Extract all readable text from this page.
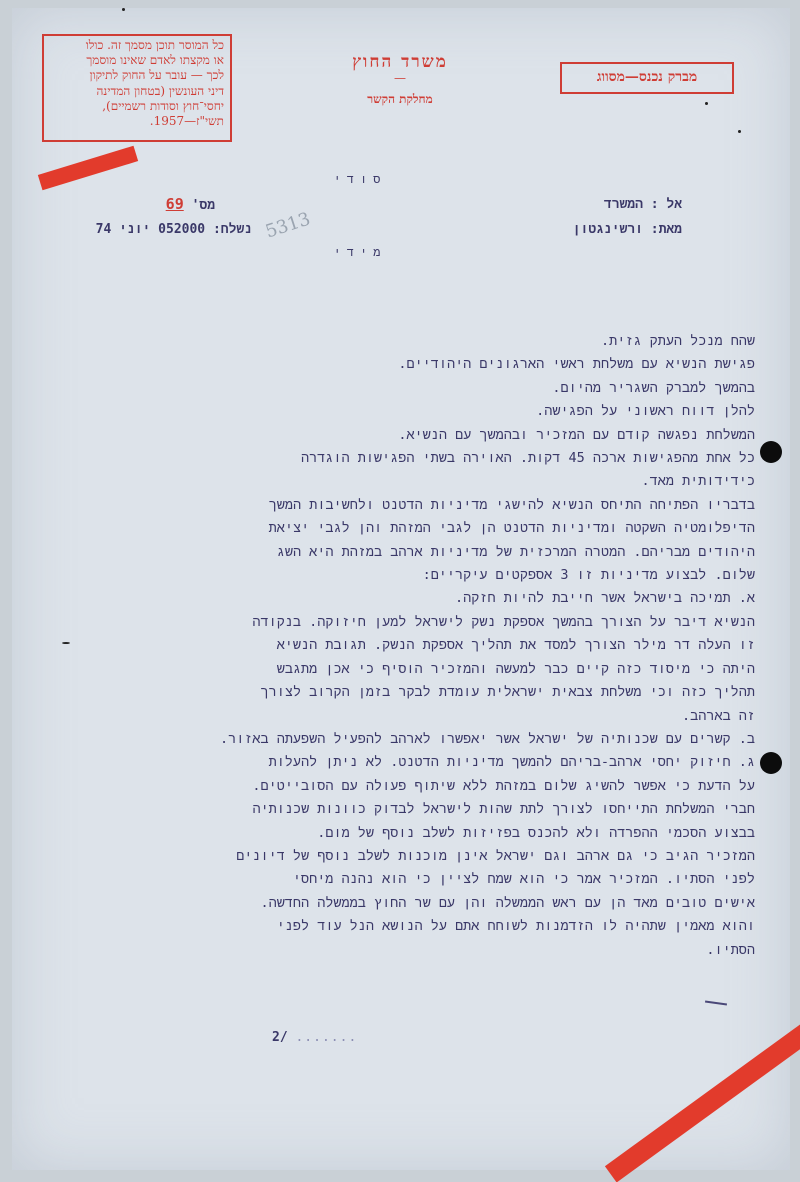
כל המוסר תוכן מסמך זה. כולו
או מקצתו לאדם שאינו מוסמך
לכך — עובר על החוק לתיקון
דיני העונשין (בטחון המדינה
יחסי־חוץ וסודות רשמיים),
תשי"ז—1957.
משרד החוץ
—
מחלקת הקשר
מברק נכנס—מסווג
סודי
מידי
מס' 69	אל : המשרד
מאת: ורשינגטון
נשלח: 052000 יוני 74 5313
שהח מנכל העתק גזית.
פגישת הנשיא עם משלחת ראשי הארגונים היהודיים.
בהמשך למברק השגריר מהיום.
להלן דווח ראשוני על הפגישה.
המשלחת נפגשה קודם עם המזכיר ובהמשך עם הנשיא.
כל אחת מהפגישות ארכה 45 דקות. האוירה בשתי הפגישות הוגדרה
כידידותית מאד.
בדבריו הפתיחה התיחס הנשיא להישגי מדיניות הדטנט ולחשיבות המשך
הדיפלומטיה השקטה ומדיניות הדטנט הן לגבי המזהת והן לגבי יציאת
היהודים מבריהם. המטרה המרכזית של מדיניות ארהב במזהת היא השג
שלום. לבצוע מדיניות זו 3 אספקטים עיקריים:
א. תמיכה בישראל אשר חייבת להיות חזקה.
הנשיא דיבר על הצורך בהמשך אספקת נשק לישראל למען חיזוקה. בנקודה
זו העלה דר מילר הצורך למסד את תהליך אספקת הנשק. תגובת הנשיא
היתה כי מיסוד כזה קיים כבר למעשה והמזכיר הוסיף כי אכן מתגבש
תהליך כזה וכי משלחת צבאית ישראלית עומדת לבקר בזמן הקרוב לצורך
זה בארהב.
ב. קשרים עם שכנותיה של ישראל אשר יאפשרו לארהב להפעיל השפעתה באזור.
ג. חיזוק יחסי ארהב-בריהם להמשך מדיניות הדטנט. לא ניתן להעלות
על הדעת כי אפשר להשיג שלום במזהת ללא שיתוף פעולה עם הסובייטים.
חברי המשלחת התייחסו לצורך לתת שהות לישראל לבדוק כוונות שכנותיה
בבצוע הסכמי ההפרדה ולא להכנס בפזיזות לשלב נוסף של מום.
המזכיר הגיב כי גם ארהב וגם ישראל אינן מוכנות לשלב נוסף של דיונים
לפני הסתיו. המזכיר אמר כי הוא שמח לציין כי הוא נהנה מיחסי
אישים טובים מאד הן עם ראש הממשלה והן עם שר החוץ בממשלה החדשה.
והוא מאמין שתהיה לו הזדמנות לשוחח אתם על הנושא הנל עוד לפני
הסתיו.
2/ .......
